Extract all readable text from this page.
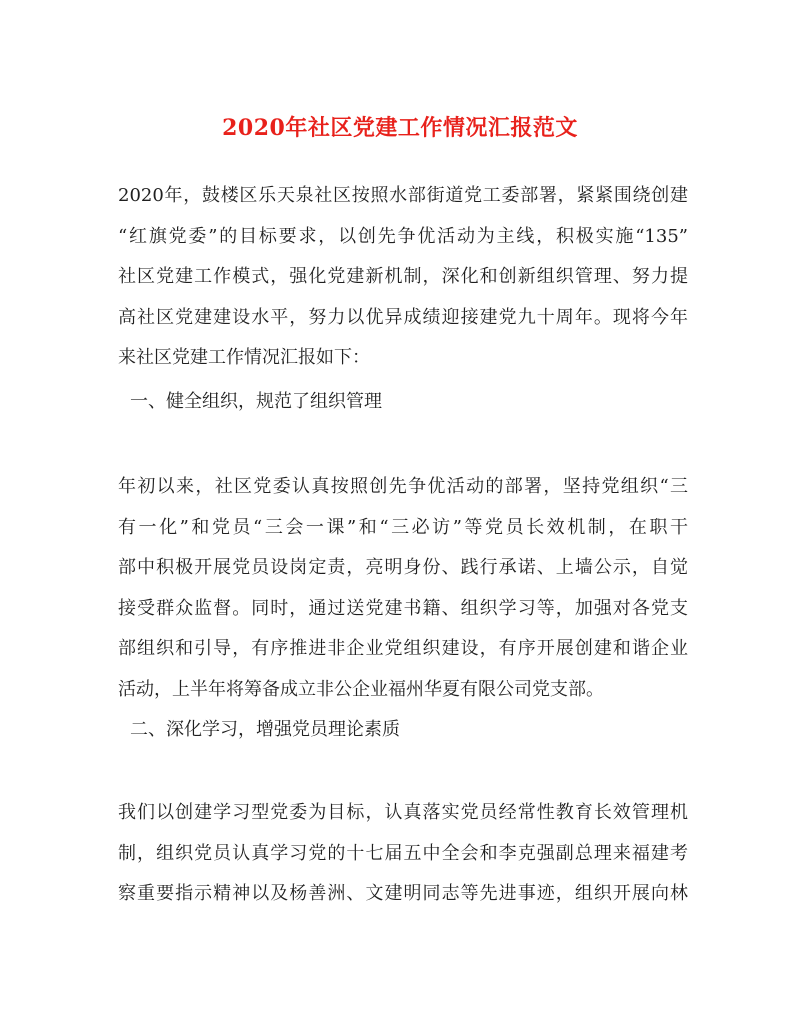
2020年社区党建工作情况汇报范文

2020年，鼓楼区乐天泉社区按照水部街道党工委部署，紧紧围绕创建
“红旗党委”的目标要求，以创先争优活动为主线，积极实施“135”
社区党建工作模式，强化党建新机制，深化和创新组织管理、努力提
高社区党建建设水平，努力以优异成绩迎接建党九十周年。现将今年
来社区党建工作情况汇报如下：

一、健全组织，规范了组织管理

年初以来，社区党委认真按照创先争优活动的部署，坚持党组织“三
有一化”和党员“三会一课”和“三必访”等党员长效机制，在职干
部中积极开展党员设岗定责，亮明身份、践行承诺、上墙公示，自觉
接受群众监督。同时，通过送党建书籍、组织学习等，加强对各党支
部组织和引导，有序推进非企业党组织建设，有序开展创建和谐企业
活动，上半年将筹备成立非公企业福州华夏有限公司党支部。

二、深化学习，增强党员理论素质

我们以创建学习型党委为目标，认真落实党员经常性教育长效管理机
制，组织党员认真学习党的十七届五中全会和李克强副总理来福建考
察重要指示精神以及杨善洲、文建明同志等先进事迹，组织开展向林
